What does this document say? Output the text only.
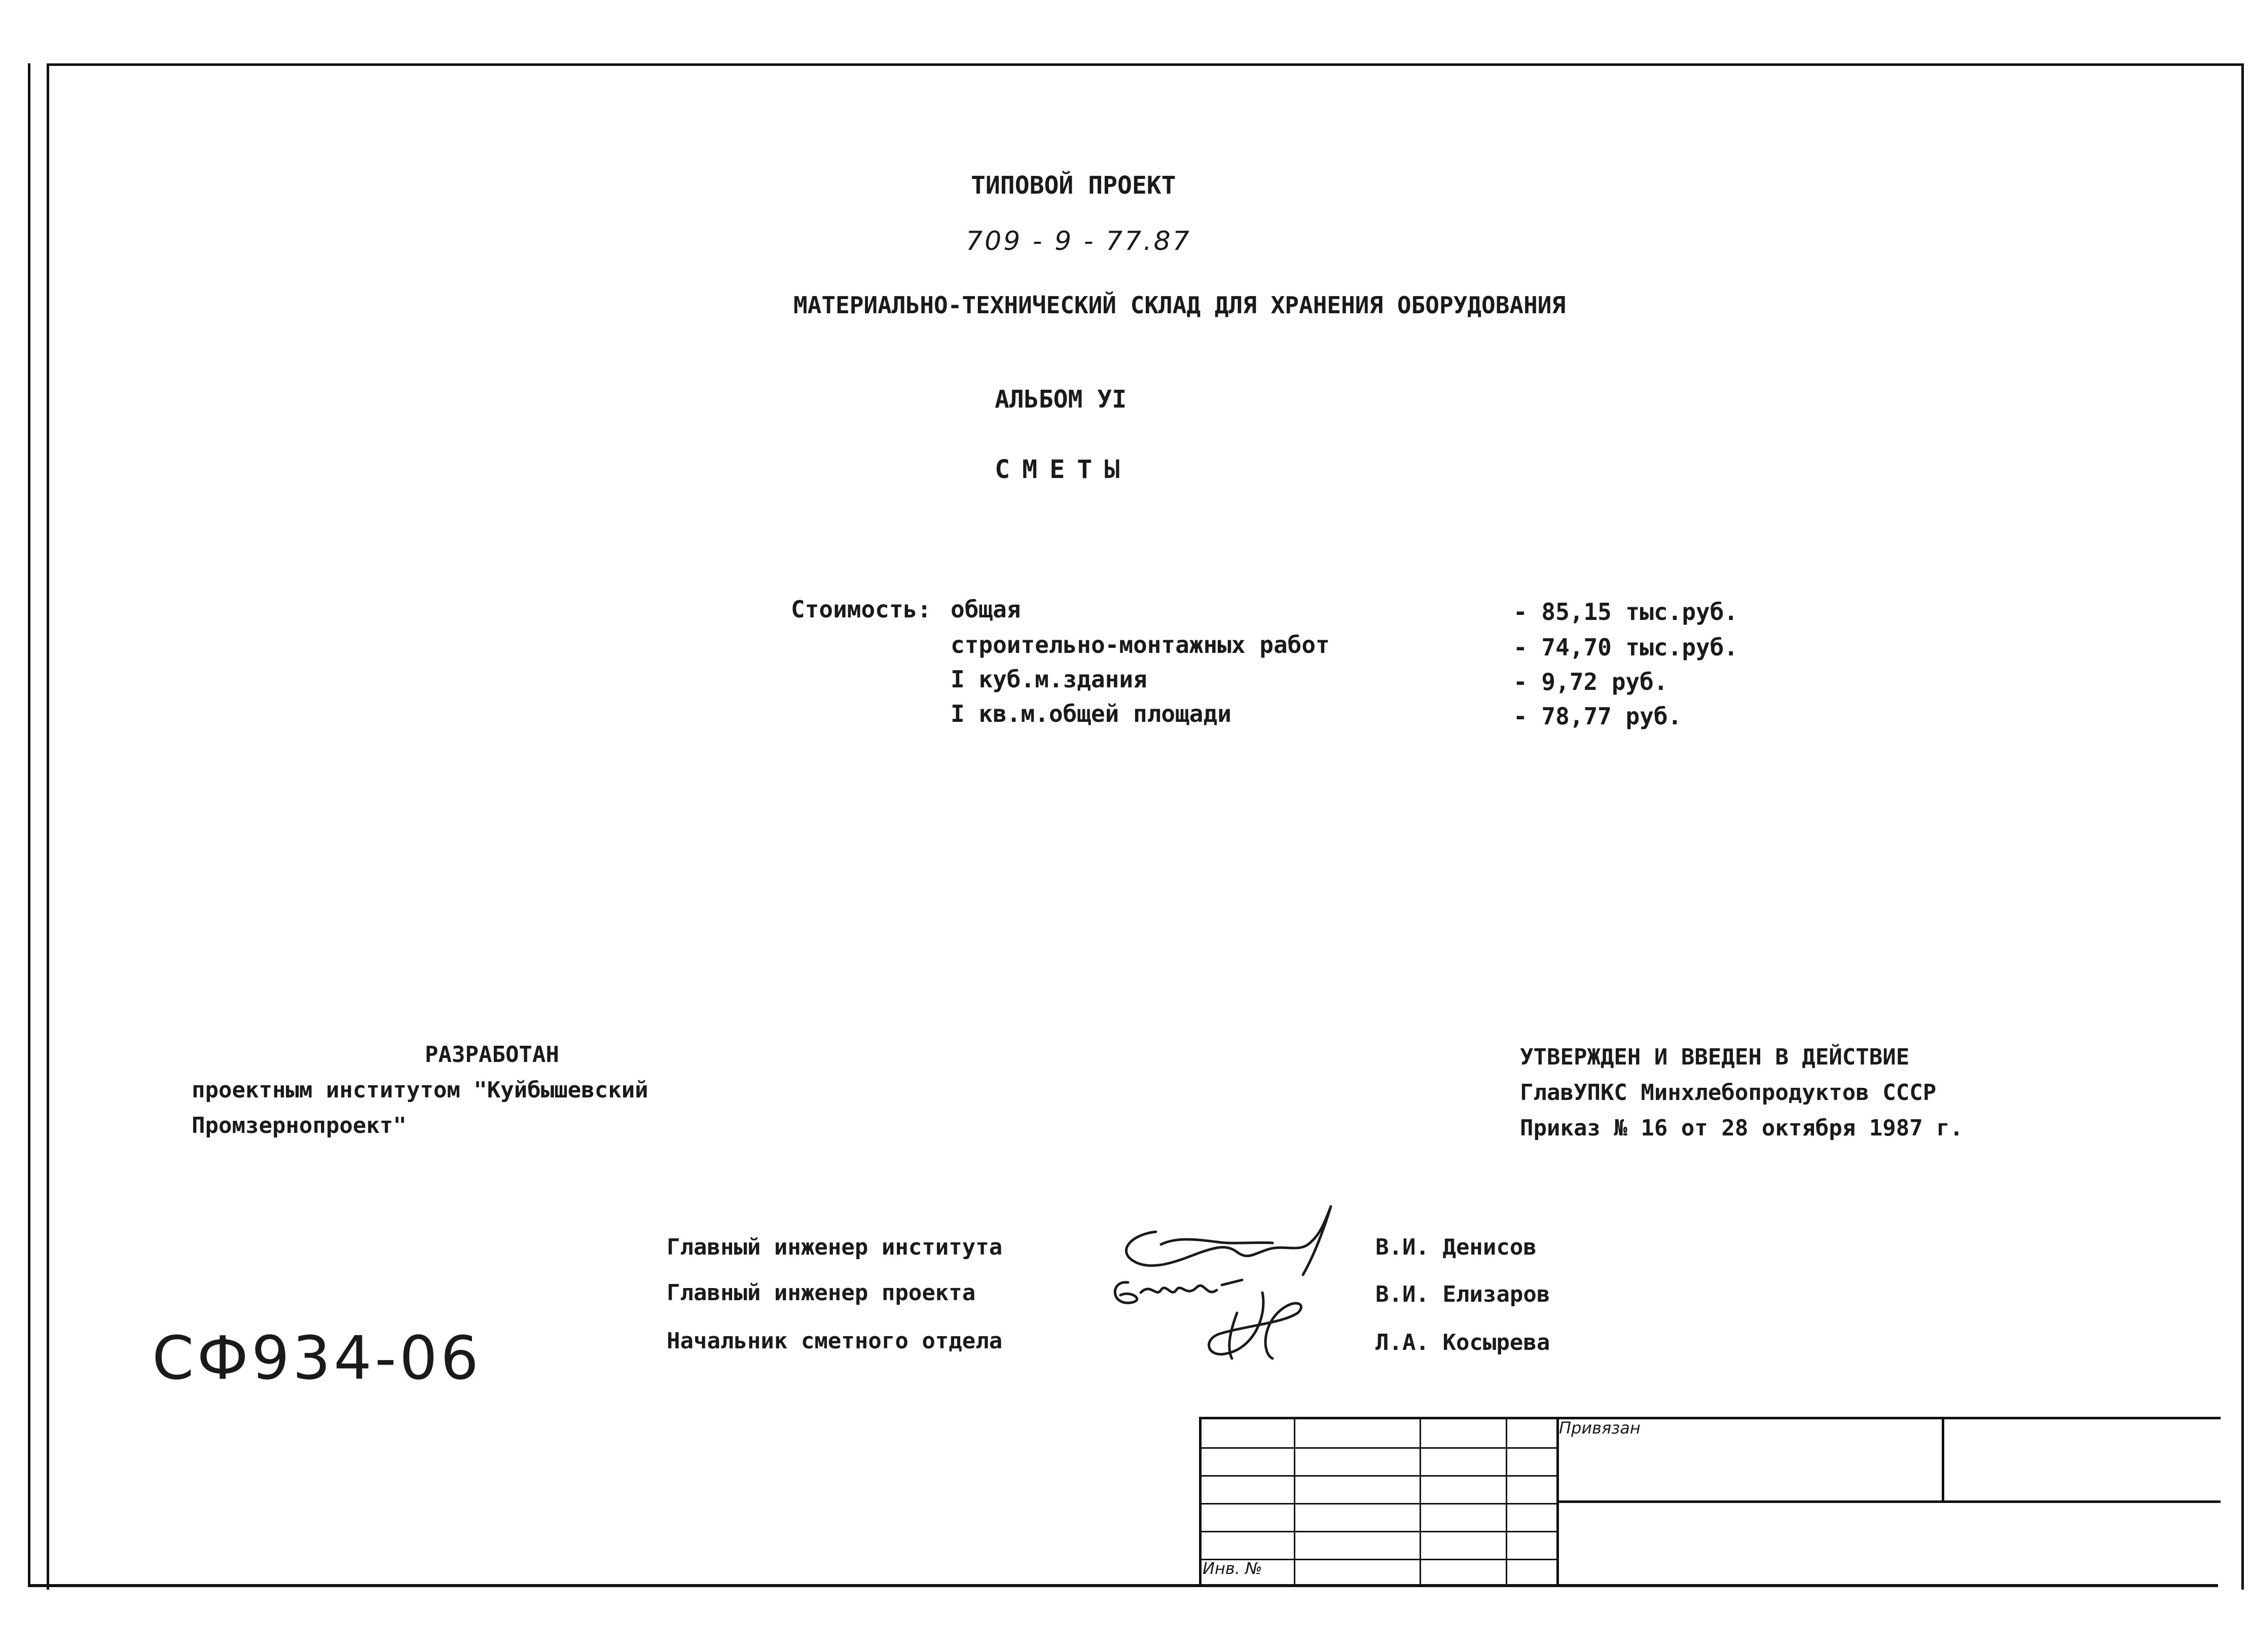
ТИПОВОЙ ПРОЕКТ
709 - 9 - 77.87
МАТЕРИАЛЬНО-ТЕХНИЧЕСКИЙ СКЛАД ДЛЯ ХРАНЕНИЯ ОБОРУДОВАНИЯ
АЛЬБОМ УI
СМЕТЫ
Стоимость: общая
строительно-монтажных работ
I куб.м.здания
I кв.м.общей площади
- 85,15 тыс.руб.
- 74,70 тыс.руб.
- 9,72 руб.
- 78,77 руб.
РАЗРАБОТАН
проектным институтом "Куйбышевский
Промзернопроект"
УТВЕРЖДЕН И ВВЕДЕН В ДЕЙСТВИЕ
ГлавУПКС Минхлебопродуктов СССР
Приказ № 16 от 28 октября 1987 г.
Главный инженер института
Главный инженер проекта
Начальник сметного отдела
В.И. Денисов
В.И. Елизаров
Л.А. Косырева
СФ934-06
Привязан
Инв. №
